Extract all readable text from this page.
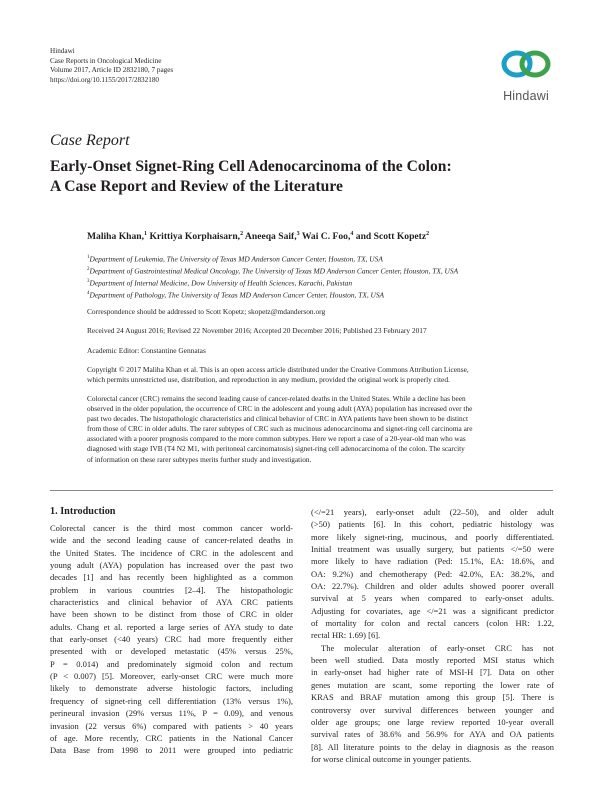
Hindawi
Case Reports in Oncological Medicine
Volume 2017, Article ID 2832180, 7 pages
https://doi.org/10.1155/2017/2832180
Hindawi
Case Report
Early-Onset Signet-Ring Cell Adenocarcinoma of the Colon:
A Case Report and Review of the Literature
Maliha Khan,$^1$ Krittiya Korphaisarn,$^2$ Aneeqa Saif,$^3$ Wai C. Foo,$^4$ and Scott Kopetz$^2$
$^1$Department of Leukemia, The University of Texas MD Anderson Cancer Center, Houston, TX, USA
$^2$Department of Gastrointestinal Medical Oncology, The University of Texas MD Anderson Cancer Center, Houston, TX, USA
$^3$Department of Internal Medicine, Dow University of Health Sciences, Karachi, Pakistan
$^4$Department of Pathology, The University of Texas MD Anderson Cancer Center, Houston, TX, USA
Correspondence should be addressed to Scott Kopetz; skopetz@mdanderson.org
Received 24 August 2016; Revised 22 November 2016; Accepted 20 December 2016; Published 23 February 2017
Academic Editor: Constantine Gennatas
Copyright © 2017 Maliha Khan et al. This is an open access article distributed under the Creative Commons Attribution License,
which permits unrestricted use, distribution, and reproduction in any medium, provided the original work is properly cited.
Colorectal cancer (CRC) remains the second leading cause of cancer-related deaths in the United States. While a decline has been
observed in the older population, the occurrence of CRC in the adolescent and young adult (AYA) population has increased over the
past two decades. The histopathologic characteristics and clinical behavior of CRC in AYA patients have been shown to be distinct
from those of CRC in older adults. The rarer subtypes of CRC such as mucinous adenocarcinoma and signet-ring cell carcinoma are
associated with a poorer prognosis compared to the more common subtypes. Here we report a case of a 20-year-old man who was
diagnosed with stage IVB (T4 N2 M1, with peritoneal carcinomatosis) signet-ring cell adenocarcinoma of the colon. The scarcity
of information on these rarer subtypes merits further study and investigation.
1. Introduction
Colorectal cancer is the third most common cancer world-
wide and the second leading cause of cancer-related deaths in
the United States. The incidence of CRC in the adolescent and
young adult (AYA) population has increased over the past two
decades [1] and has recently been highlighted as a common
problem in various countries [2–4]. The histopathologic
characteristics and clinical behavior of AYA CRC patients
have been shown to be distinct from those of CRC in older
adults. Chang et al. reported a large series of AYA study to date
that early-onset (<40 years) CRC had more frequently either
presented with or developed metastatic (45% versus 25%,
P = 0.014) and predominately sigmoid colon and rectum
(P < 0.007) [5]. Moreover, early-onset CRC were much more
likely to demonstrate adverse histologic factors, including
frequency of signet-ring cell differentiation (13% versus 1%),
perineural invasion (29% versus 11%, P = 0.09), and venous
invasion (22 versus 6%) compared with patients > 40 years
of age. More recently, CRC patients in the National Cancer
Data Base from 1998 to 2011 were grouped into pediatric
(</=21 years), early-onset adult (22–50), and older adult
(>50) patients [6]. In this cohort, pediatric histology was
more likely signet-ring, mucinous, and poorly differentiated.
Initial treatment was usually surgery, but patients </=50 were
more likely to have radiation (Ped: 15.1%, EA: 18.6%, and
OA: 9.2%) and chemotherapy (Ped: 42.0%, EA: 38.2%, and
OA: 22.7%). Children and older adults showed poorer overall
survival at 5 years when compared to early-onset adults.
Adjusting for covariates, age </=21 was a significant predictor
of mortality for colon and rectal cancers (colon HR: 1.22,
rectal HR: 1.69) [6].
The molecular alteration of early-onset CRC has not
been well studied. Data mostly reported MSI status which
in early-onset had higher rate of MSI-H [7]. Data on other
genes mutation are scant, some reporting the lower rate of
KRAS and BRAF mutation among this group [5]. There is
controversy over survival differences between younger and
older age groups; one large review reported 10-year overall
survival rates of 38.6% and 56.9% for AYA and OA patients
[8]. All literature points to the delay in diagnosis as the reason
for worse clinical outcome in younger patients.
